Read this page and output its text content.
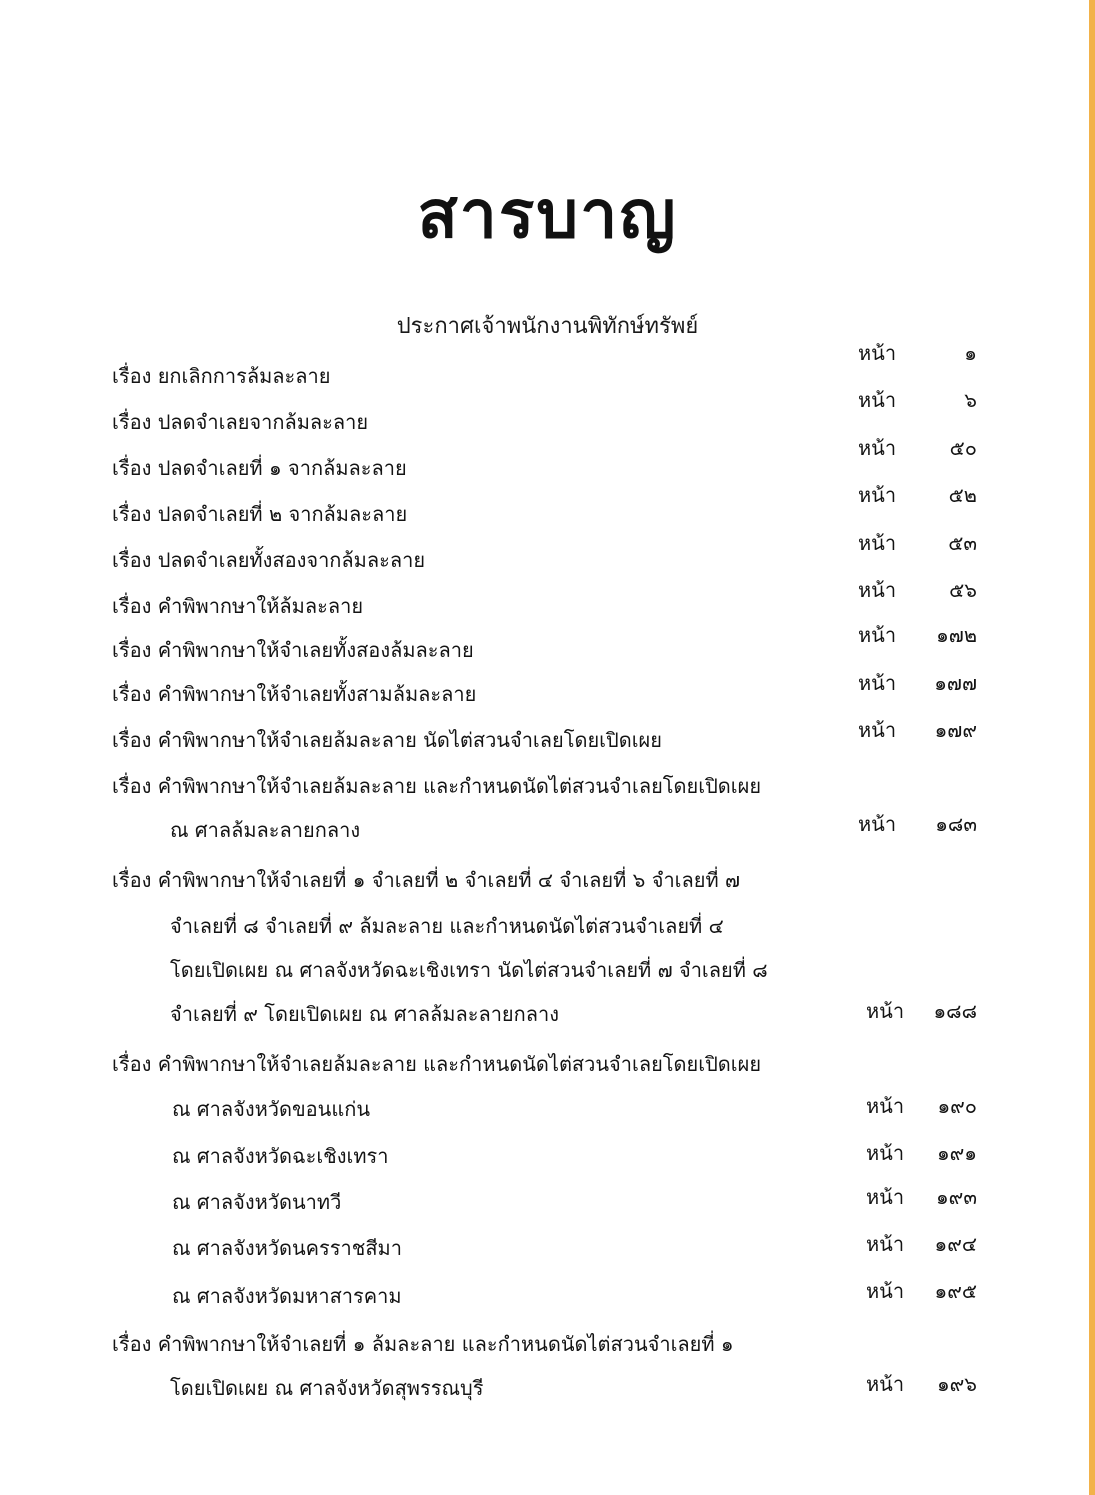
สารบาญ
ประกาศเจ้าพนักงานพิทักษ์ทรัพย์
เรื่อง ยกเลิกการล้มละลาย
หน้า	๑
เรื่อง ปลดจำเลยจากล้มละลาย
หน้า	๖
เรื่อง ปลดจำเลยที่ ๑ จากล้มละลาย
หน้า	๕๐
เรื่อง ปลดจำเลยที่ ๒ จากล้มละลาย
หน้า	๕๒
เรื่อง ปลดจำเลยทั้งสองจากล้มละลาย
หน้า	๕๓
เรื่อง คำพิพากษาให้ล้มละลาย
หน้า	๕๖
เรื่อง คำพิพากษาให้จำเลยทั้งสองล้มละลาย
หน้า	๑๗๒
เรื่อง คำพิพากษาให้จำเลยทั้งสามล้มละลาย	หน้า	๑๗๗
เรื่อง คำพิพากษาให้จำเลยล้มละลาย นัดไต่สวนจำเลยโดยเปิดเผย	หน้า	๑๗๙
เรื่อง คำพิพากษาให้จำเลยล้มละลาย และกำหนดนัดไต่สวนจำเลยโดยเปิดเผย
ณ ศาลล้มละลายกลาง	หน้า	๑๘๓
เรื่อง คำพิพากษาให้จำเลยที่ ๑ จำเลยที่ ๒ จำเลยที่ ๔ จำเลยที่ ๖ จำเลยที่ ๗
จำเลยที่ ๘ จำเลยที่ ๙ ล้มละลาย และกำหนดนัดไต่สวนจำเลยที่ ๔
โดยเปิดเผย ณ ศาลจังหวัดฉะเชิงเทรา นัดไต่สวนจำเลยที่ ๗ จำเลยที่ ๘
จำเลยที่ ๙ โดยเปิดเผย ณ ศาลล้มละลายกลาง	หน้า	๑๘๘
เรื่อง คำพิพากษาให้จำเลยล้มละลาย และกำหนดนัดไต่สวนจำเลยโดยเปิดเผย
ณ ศาลจังหวัดขอนแก่น	หน้า	๑๙๐
ณ ศาลจังหวัดฉะเชิงเทรา	หน้า	๑๙๑
ณ ศาลจังหวัดนาทวี	หน้า	๑๙๓
ณ ศาลจังหวัดนครราชสีมา	หน้า	๑๙๔
ณ ศาลจังหวัดมหาสารคาม	หน้า	๑๙๕
เรื่อง คำพิพากษาให้จำเลยที่ ๑ ล้มละลาย และกำหนดนัดไต่สวนจำเลยที่ ๑
โดยเปิดเผย ณ ศาลจังหวัดสุพรรณบุรี	หน้า	๑๙๖
